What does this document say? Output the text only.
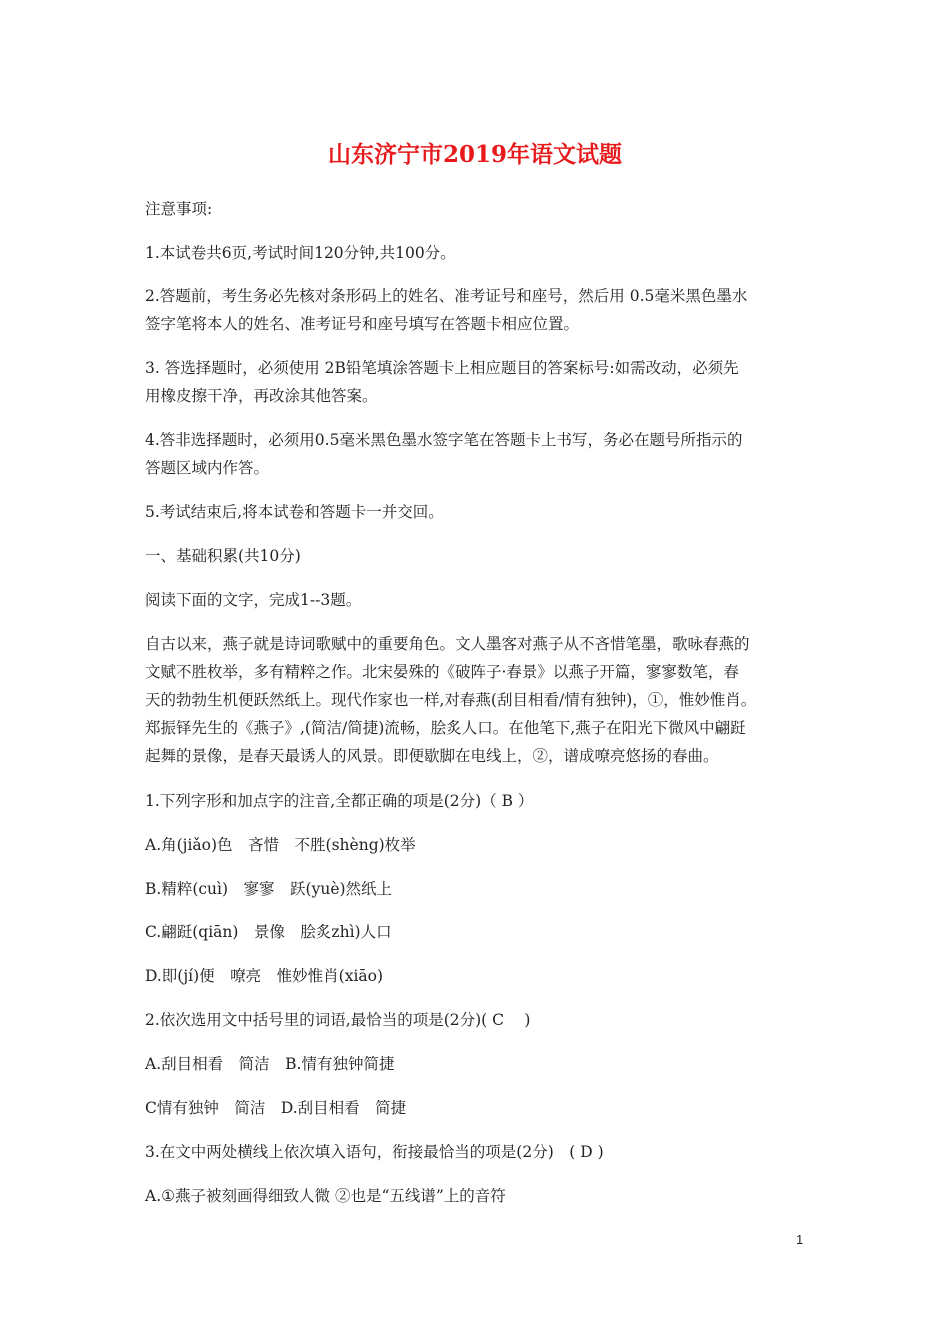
山东济宁市2019年语文试题
注意事项:
1.本试卷共6页,考试时间120分钟,共100分。
2.答题前，考生务必先核对条形码上的姓名、准考证号和座号，然后用 0.5毫米黑色墨水
签字笔将本人的姓名、准考证号和座号填写在答题卡相应位置。
3. 答选择题时，必须使用 2B铅笔填涂答题卡上相应题目的答案标号:如需改动，必须先
用橡皮擦干净，再改涂其他答案。
4.答非选择题时，必须用0.5毫米黑色墨水签字笔在答题卡上书写，务必在题号所指示的
答题区域内作答。
5.考试结束后,将本试卷和答题卡一并交回。
一、基础积累(共10分)
阅读下面的文字，完成1--3题。
自古以来，燕子就是诗词歌赋中的重要角色。文人墨客对燕子从不吝惜笔墨，歌咏春燕的
文赋不胜枚举，多有精粹之作。北宋晏殊的《破阵子·春景》以燕子开篇，寥寥数笔，春
天的勃勃生机便跃然纸上。现代作家也一样,对春燕(刮目相看/情有独钟)，①，惟妙惟肖。
郑振铎先生的《燕子》,(简洁/简捷)流畅，脍炙人口。在他笔下,燕子在阳光下微风中翩跹
起舞的景像，是春天最诱人的风景。即便歇脚在电线上，②，谱成嘹亮悠扬的春曲。
1.下列字形和加点字的注音,全都正确的项是(2分)（ B ）
A.角(jiǎo)色　吝惜　不胜(shèng)枚举
B.精粹(cuì)　寥寥　跃(yuè)然纸上
C.翩跹(qiān)　景像　脍炙zhì)人口
D.即(jí)便　嘹亮　惟妙惟肖(xiāo)
2.依次选用文中括号里的词语,最恰当的项是(2分)( C　 )
A.刮目相看　简洁　B.情有独钟简捷
C情有独钟　简洁　D.刮目相看　简捷
3.在文中两处横线上依次填入语句，衔接最恰当的项是(2分)　( D )
A.①燕子被刻画得细致人微 ②也是“五线谱”上的音符
1
